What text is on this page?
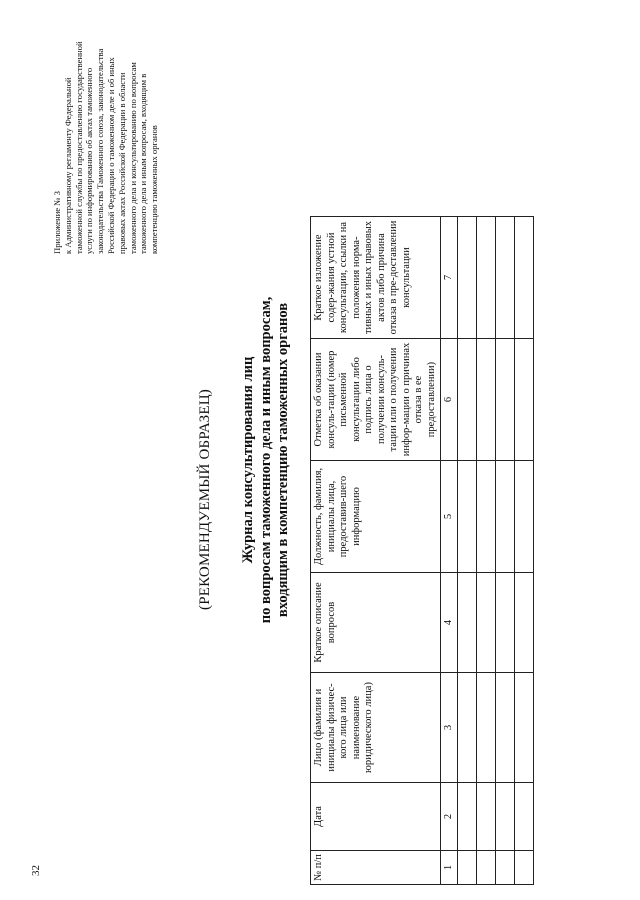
32
Приложение № 3 к Административному регламенту Федеральной таможенной службы по предоставлению государственной услуги по информированию об актах таможенного законодательства Таможенного союза, законодательства Российской Федерации о таможенном деле и об иных правовых актах Российской Федерации в области таможенного дела и консультированию по вопросам таможенного дела и иным вопросам, входящим в компетенцию таможенных органов
(РЕКОМЕНДУЕМЫЙ ОБРАЗЕЦ) Журнал консультирования лиц по вопросам таможенного дела и иным вопросам, входящим в компетенцию таможенных органов
№ п/п	Дата	Лицо (фамилия и инициалы физичес-кого лица или наименование юридического лица)	Краткое описание вопросов	Должность, фамилия, инициалы лица, предоставив-шего информацию	Отметка об оказании консуль-тации (номер письменной консультации либо подпись лица о получении консуль-тации или о получении инфор-мации о причинах отказа в ее предоставлении)	Краткое изложение содер-жания устной консультации, ссылки на положения норма-тивных и иных правовых актов либо причина отказа в пре-доставлении консультации
1	2	3	4	5	6	7
